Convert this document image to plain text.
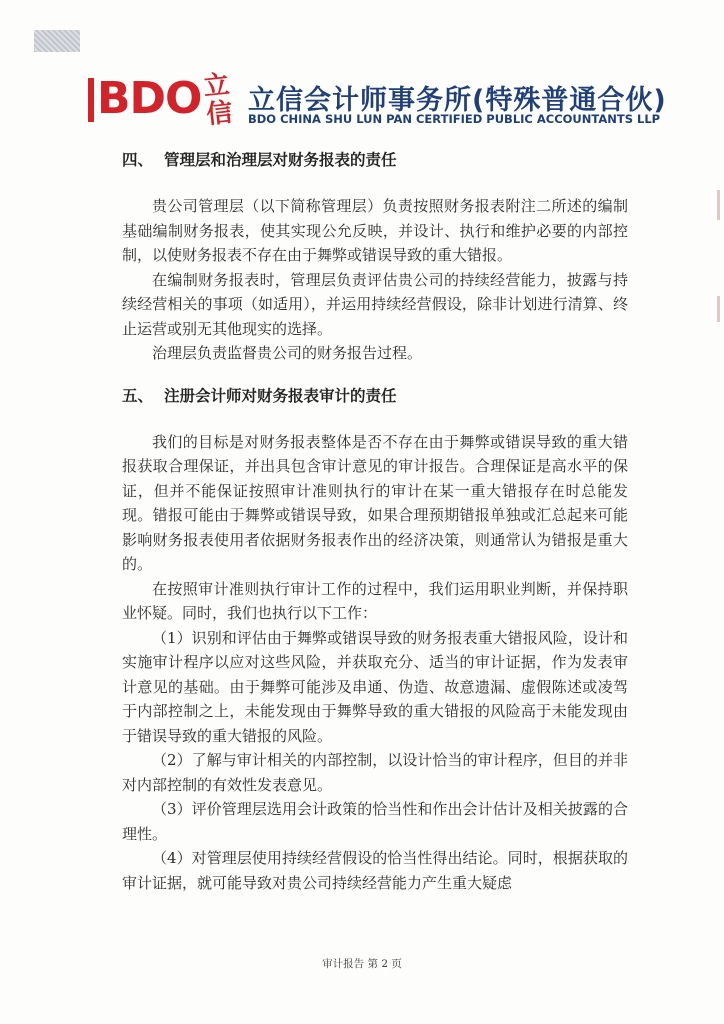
BDO 立信 立信会计师事务所(特殊普通合伙)
BDO CHINA SHU LUN PAN CERTIFIED PUBLIC ACCOUNTANTS LLP
四、 管理层和治理层对财务报表的责任

贵公司管理层（以下简称管理层）负责按照财务报表附注二所述的编制基础编制财务报表，使其实现公允反映，并设计、执行和维护必要的内部控制，以使财务报表不存在由于舞弊或错误导致的重大错报。

在编制财务报表时，管理层负责评估贵公司的持续经营能力，披露与持续经营相关的事项（如适用），并运用持续经营假设，除非计划进行清算、终止运营或别无其他现实的选择。

治理层负责监督贵公司的财务报告过程。

五、 注册会计师对财务报表审计的责任

我们的目标是对财务报表整体是否不存在由于舞弊或错误导致的重大错报获取合理保证，并出具包含审计意见的审计报告。合理保证是高水平的保证，但并不能保证按照审计准则执行的审计在某一重大错报存在时总能发现。错报可能由于舞弊或错误导致，如果合理预期错报单独或汇总起来可能影响财务报表使用者依据财务报表作出的经济决策，则通常认为错报是重大的。

在按照审计准则执行审计工作的过程中，我们运用职业判断，并保持职业怀疑。同时，我们也执行以下工作：

（1）识别和评估由于舞弊或错误导致的财务报表重大错报风险，设计和实施审计程序以应对这些风险，并获取充分、适当的审计证据，作为发表审计意见的基础。由于舞弊可能涉及串通、伪造、故意遗漏、虚假陈述或凌驾于内部控制之上，未能发现由于舞弊导致的重大错报的风险高于未能发现由于错误导致的重大错报的风险。

（2）了解与审计相关的内部控制，以设计恰当的审计程序，但目的并非对内部控制的有效性发表意见。

（3）评价管理层选用会计政策的恰当性和作出会计估计及相关披露的合理性。

（4）对管理层使用持续经营假设的恰当性得出结论。同时，根据获取的审计证据，就可能导致对贵公司持续经营能力产生重大疑虑

审计报告 第 2 页
